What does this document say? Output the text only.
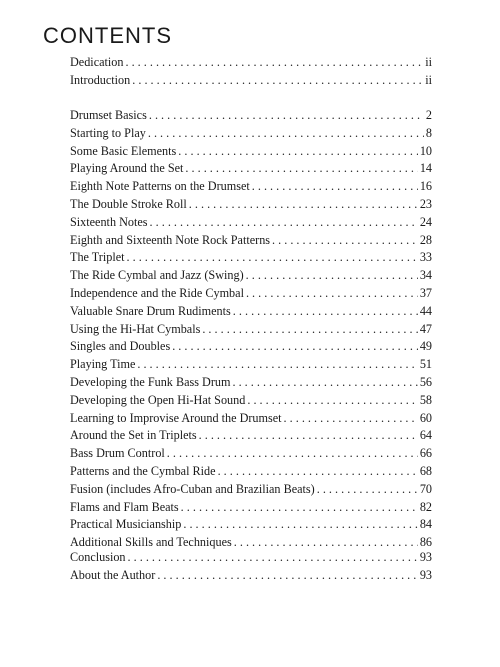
CONTENTS
Dedication . . .	ii
Introduction . . .	ii
Drumset Basics . . .	2
Starting to Play . . .	8
Some Basic Elements . . .	10
Playing Around the Set . . .	14
Eighth Note Patterns on the Drumset . . .	16
The Double Stroke Roll . . .	23
Sixteenth Notes . . .	24
Eighth and Sixteenth Note Rock Patterns . . .	28
The Triplet . . .	33
The Ride Cymbal and Jazz (Swing) . . .	34
Independence and the Ride Cymbal . . .	37
Valuable Snare Drum Rudiments . . .	44
Using the Hi-Hat Cymbals . . .	47
Singles and Doubles . . .	49
Playing Time . . .	51
Developing the Funk Bass Drum . . .	56
Developing the Open Hi-Hat Sound . . .	58
Learning to Improvise Around the Drumset . . .	60
Around the Set in Triplets . . .	64
Bass Drum Control . . .	66
Patterns and the Cymbal Ride . . .	68
Fusion (includes Afro-Cuban and Brazilian Beats) . . .	70
Flams and Flam Beats . . .	82
Practical Musicianship . . .	84
Additional Skills and Techniques . . .	86
Conclusion . . .	93
About the Author . . .	93
